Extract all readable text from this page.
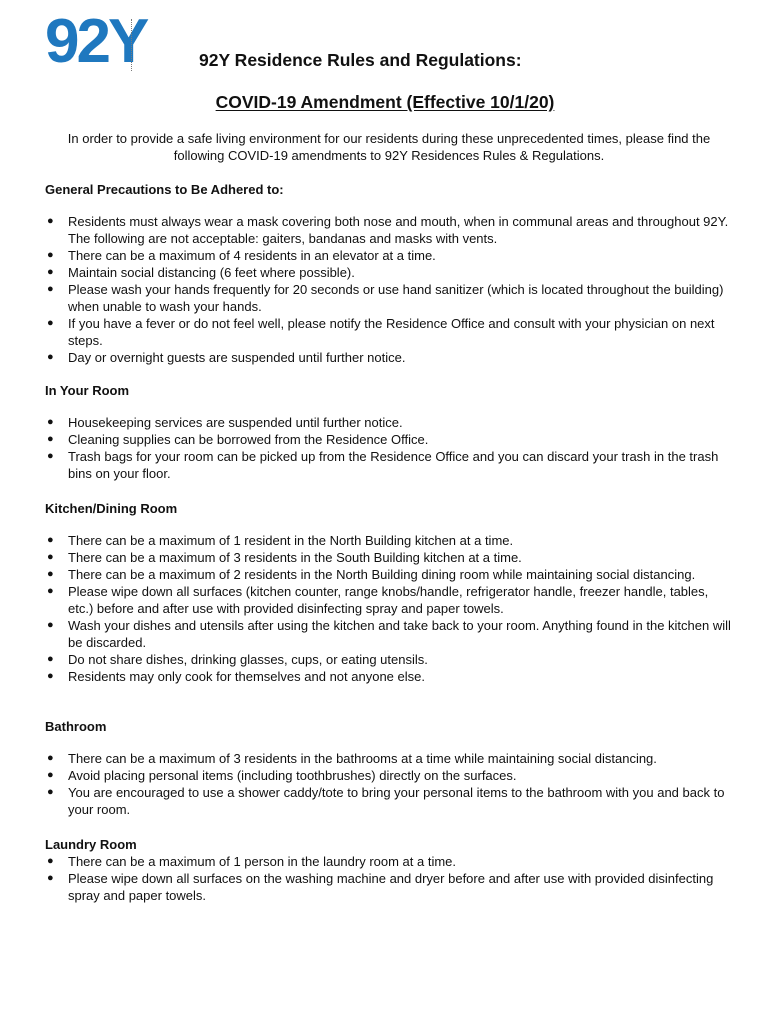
92Y	92Y Residence Rules and Regulations:
COVID-19 Amendment (Effective 10/1/20)
In order to provide a safe living environment for our residents during these unprecedented times, please find the following COVID-19 amendments to 92Y Residences Rules & Regulations.

General Precautions to Be Adhered to:

● Residents must always wear a mask covering both nose and mouth, when in communal areas and throughout 92Y. The following are not acceptable: gaiters, bandanas and masks with vents.
● There can be a maximum of 4 residents in an elevator at a time.
● Maintain social distancing (6 feet where possible).
● Please wash your hands frequently for 20 seconds or use hand sanitizer (which is located throughout the building) when unable to wash your hands.
● If you have a fever or do not feel well, please notify the Residence Office and consult with your physician on next steps.
● Day or overnight guests are suspended until further notice.

In Your Room

● Housekeeping services are suspended until further notice.
● Cleaning supplies can be borrowed from the Residence Office.
● Trash bags for your room can be picked up from the Residence Office and you can discard your trash in the trash bins on your floor.

Kitchen/Dining Room

● There can be a maximum of 1 resident in the North Building kitchen at a time.
● There can be a maximum of 3 residents in the South Building kitchen at a time.
● There can be a maximum of 2 residents in the North Building dining room while maintaining social distancing.
● Please wipe down all surfaces (kitchen counter, range knobs/handle, refrigerator handle, freezer handle, tables, etc.) before and after use with provided disinfecting spray and paper towels.
● Wash your dishes and utensils after using the kitchen and take back to your room. Anything found in the kitchen will be discarded.
● Do not share dishes, drinking glasses, cups, or eating utensils.
● Residents may only cook for themselves and not anyone else.

Bathroom

● There can be a maximum of 3 residents in the bathrooms at a time while maintaining social distancing.
● Avoid placing personal items (including toothbrushes) directly on the surfaces.
● You are encouraged to use a shower caddy/tote to bring your personal items to the bathroom with you and back to your room.

Laundry Room

● There can be a maximum of 1 person in the laundry room at a time.
● Please wipe down all surfaces on the washing machine and dryer before and after use with provided disinfecting spray and paper towels.
